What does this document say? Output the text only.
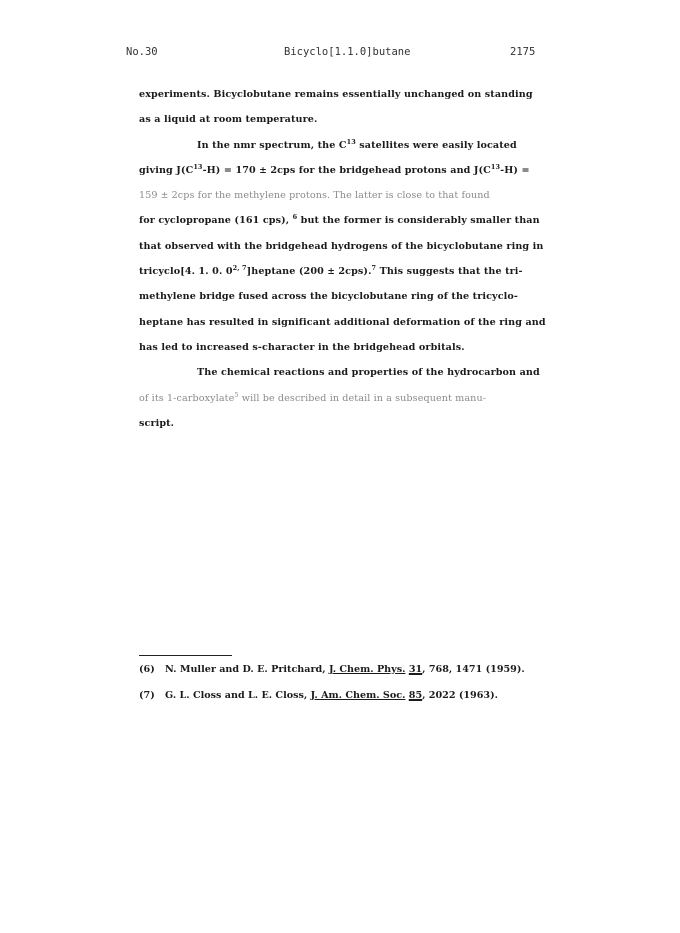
No.30	Bicyclo[1.1.0]butane	2175
experiments. Bicyclobutane remains essentially unchanged on standing
as a liquid at room temperature.
In the nmr spectrum, the $C^{13}$ satellites were easily located
giving $J(C^{13}-H) = 170 \pm 2cps$ for the bridgehead protons and $J(C^{13}-H)$ =
159 ± 2cps for the methylene protons. The latter is close to that found
for cyclopropane (161 cps), $^6$ but the former is considerably smaller than
that observed with the bridgehead hydrogens of the bicyclobutane ring in
tricyclo[4. 1. 0. 0$^{2, 7}$]heptane (200 ± 2cps).$^7$ This suggests that the tri-
methylene bridge fused across the bicyclobutane ring of the tricyclo-
heptane has resulted in significant additional deformation of the ring and
has led to increased s-character in the bridgehead orbitals.
The chemical reactions and properties of the hydrocarbon and
of its 1-carboxylate$^5$ will be described in detail in a subsequent manu-
script.
(6) N. Muller and D. E. Pritchard, J. Chem. Phys. 31, 768, 1471 (1959).
(7) G. L. Closs and L. E. Closs, J. Am. Chem. Soc. 85, 2022 (1963).
